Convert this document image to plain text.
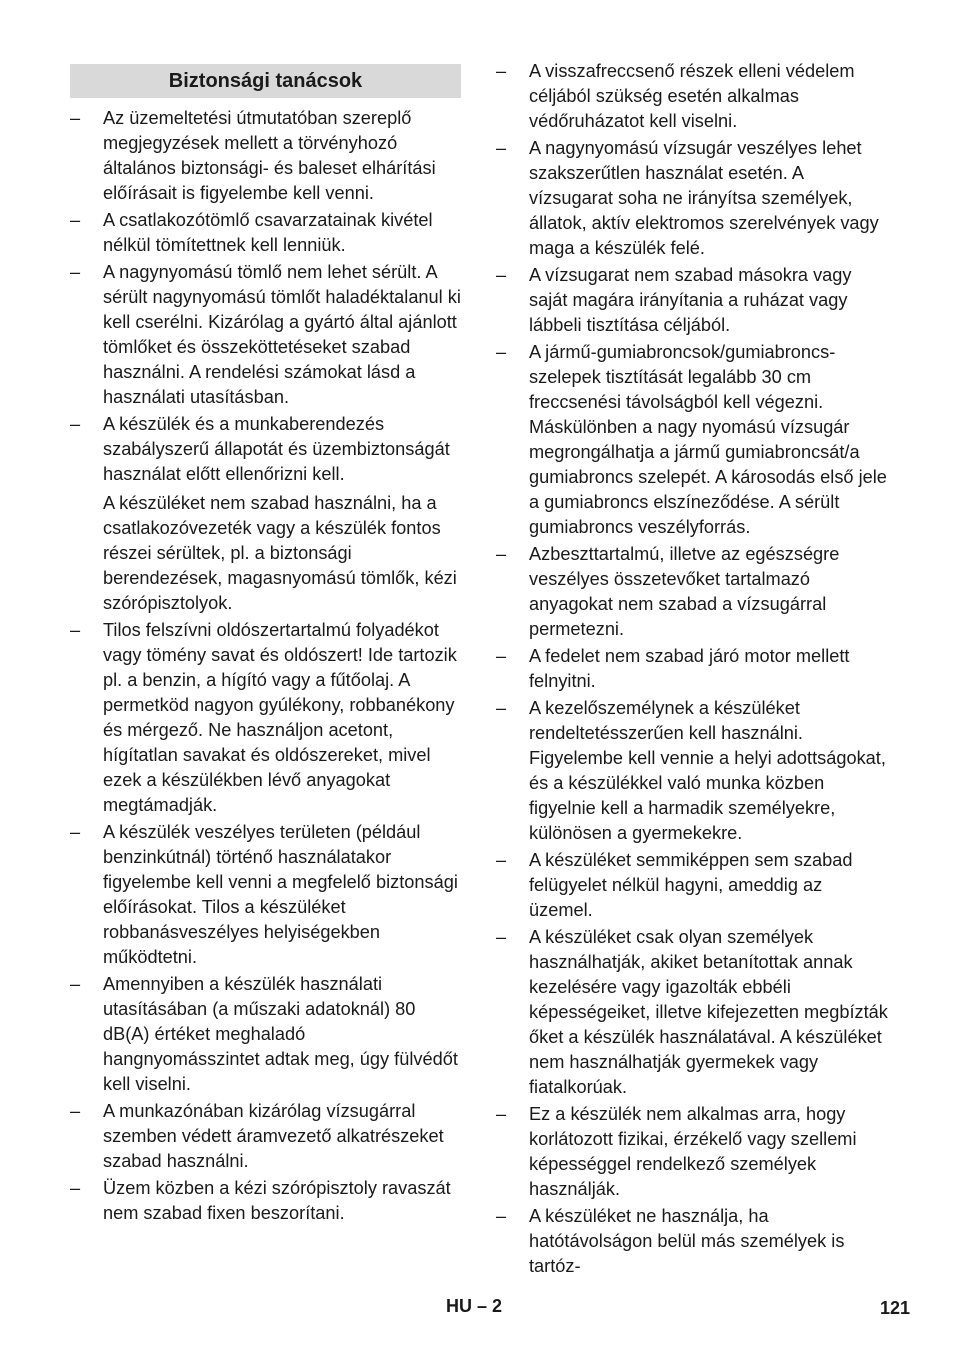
Biztonsági tanácsok
–	Az üzemeltetési útmutatóban szereplő megjegyzések mellett a törvényhozó általános biztonsági- és baleset elhárítási előírásait is figyelembe kell venni.

–	A csatlakozótömlő csavarzatainak kivétel nélkül tömítettnek kell lenniük.

–	A nagynyomású tömlő nem lehet sérült. A sérült nagynyomású tömlőt haladéktalanul ki kell cserélni. Kizárólag a gyártó által ajánlott tömlőket és összeköttetéseket szabad használni. A rendelési számokat lásd a használati utasításban.

–	A készülék és a munkaberendezés szabályszerű állapotát és üzembiztonságát használat előtt ellenőrizni kell.

A készüléket nem szabad használni, ha a csatlakozóvezeték vagy a készülék fontos részei sérültek, pl. a biztonsági berendezések, magasnyomású tömlők, kézi szórópisztolyok.

–	Tilos felszívni oldószertartalmú folyadékot vagy tömény savat és oldószert! Ide tartozik pl. a benzin, a hígító vagy a fűtőolaj. A permetköd nagyon gyúlékony, robbanékony és mérgező. Ne használjon acetont, hígítatlan savakat és oldószereket, mivel ezek a készülékben lévő anyagokat megtámadják.

–	A készülék veszélyes területen (például benzinkútnál) történő használatakor figyelembe kell venni a megfelelő biztonsági előírásokat. Tilos a készüléket robbanásveszélyes helyiségekben működtetni.

–	Amennyiben a készülék használati utasításában (a műszaki adatoknál) 80 dB(A) értéket meghaladó hangnyomásszintet adtak meg, úgy fülvédőt kell viselni.

–	A munkazónában kizárólag vízsugárral szemben védett áramvezető alkatrészeket szabad használni.

–	Üzem közben a kézi szórópisztoly ravaszát nem szabad fixen beszorítani.

–	A visszafreccsenő részek elleni védelem céljából szükség esetén alkalmas védőruházatot kell viselni.

–	A nagynyomású vízsugár veszélyes lehet szakszerűtlen használat esetén. A vízsugarat soha ne irányítsa személyek, állatok, aktív elektromos szerelvények vagy maga a készülék felé.

–	A vízsugarat nem szabad másokra vagy saját magára irányítania a ruházat vagy lábbeli tisztítása céljából.

–	A jármű-gumiabroncsok/gumiabroncs-szelepek tisztítását legalább 30 cm freccsenési távolságból kell végezni. Máskülönben a nagy nyomású vízsugár megrongálhatja a jármű gumiabroncsát/a gumiabroncs szelepét. A károsodás első jele a gumiabroncs elszíneződése. A sérült gumiabroncs veszélyforrás.

–	Azbeszttartalmú, illetve az egészségre veszélyes összetevőket tartalmazó anyagokat nem szabad a vízsugárral permetezni.

–	A fedelet nem szabad járó motor mellett felnyitni.

–	A kezelőszemélynek a készüléket rendeltetésszerűen kell használni. Figyelembe kell vennie a helyi adottságokat, és a készülékkel való munka közben figyelnie kell a harmadik személyekre, különösen a gyermekekre.

–	A készüléket semmiképpen sem szabad felügyelet nélkül hagyni, ameddig az üzemel.

–	A készüléket csak olyan személyek használhatják, akiket betanítottak annak kezelésére vagy igazolták ebbéli képességeiket, illetve kifejezetten megbízták őket a készülék használatával. A készüléket nem használhatják gyermekek vagy fiatalkorúak.

–	Ez a készülék nem alkalmas arra, hogy korlátozott fizikai, érzékelő vagy szellemi képességgel rendelkező személyek használják.

–	A készüléket ne használja, ha hatótávolságon belül más személyek is tartóz-

HU – 2	121
